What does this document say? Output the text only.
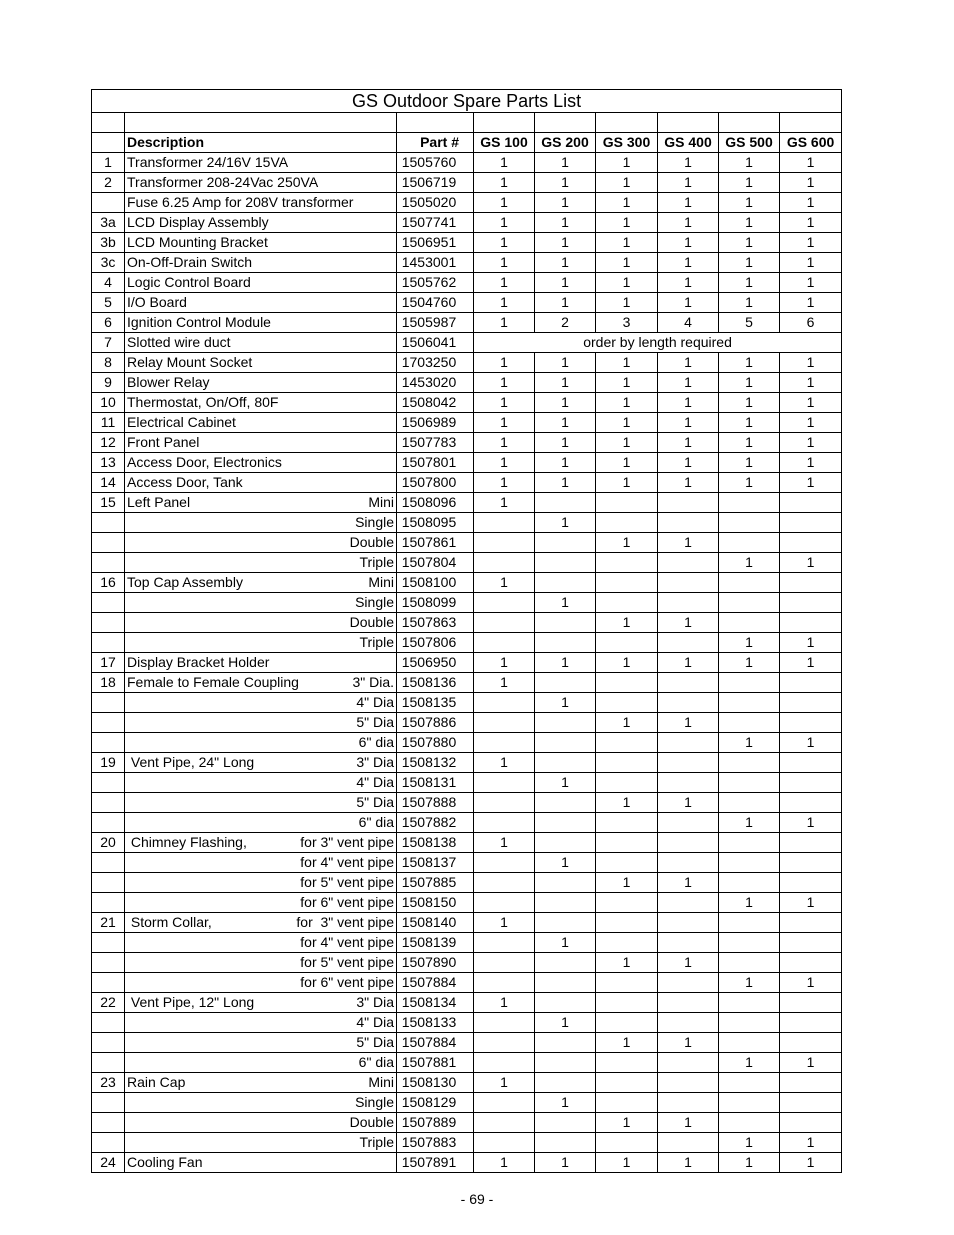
GS Outdoor Spare Parts List								

	Description	Part #	GS 100	GS 200	GS 300	GS 400	GS 500	GS 600
1	Transformer 24/16V 15VA	1505760	1	1	1	1	1	1
2	Transformer 208-24Vac 250VA	1506719	1	1	1	1	1	1

	Fuse 6.25 Amp for 208V transformer	1505020	1	1	1	1	1	1
3a	LCD Display Assembly	1507741	1	1	1	1	1	1
3b	LCD Mounting Bracket	1506951	1	1	1	1	1	1
3c	On-Off-Drain Switch	1453001	1	1	1	1	1	1
4	Logic Control Board	1505762	1	1	1	1	1	1
5	I/O Board	1504760	1	1	1	1	1	1
6	Ignition Control Module	1505987	1	2	3	4	5	6
7	Slotted wire duct	1506041	order by length required					
8	Relay Mount Socket	1703250	1	1	1	1	1	1
9	Blower Relay	1453020	1	1	1	1	1	1
10	Thermostat, On/Off, 80F	1508042	1	1	1	1	1	1
11	Electrical Cabinet	1506989	1	1	1	1	1	1
12	Front Panel	1507783	1	1	1	1	1	1
13	Access Door, Electronics	1507801	1	1	1	1	1	1
14	Access Door, Tank	1507800	1	1	1	1	1	1
15	Left Panel Mini	1508096	1					

	Single	1508095		1				

	Double	1507861			1	1		

	Triple	1507804					1	1
16	Top Cap Assembly Mini	1508100	1					

	Single	1508099		1				

	Double	1507863			1	1		

	Triple	1507806					1	1
17	Display Bracket Holder	1506950	1	1	1	1	1	1
18	Female to Female Coupling 3" Dia.	1508136	1					

	4" Dia	1508135		1				

	5" Dia	1507886			1	1		

	6" dia	1507880					1	1
19	Vent Pipe, 24" Long 3" Dia	1508132	1					

	4" Dia	1508131		1				

	5" Dia	1507888			1	1		

	6" dia	1507882					1	1
20	Chimney Flashing, for 3" vent pipe	1508138	1					

	for 4" vent pipe	1508137		1				

	for 5" vent pipe	1507885			1	1		

	for 6" vent pipe	1508150					1	1
21	Storm Collar, for  3" vent pipe	1508140	1					

	for 4" vent pipe	1508139		1				

	for 5" vent pipe	1507890			1	1		

	for 6" vent pipe	1507884					1	1
22	Vent Pipe, 12" Long 3" Dia	1508134	1					

	4" Dia	1508133		1				

	5" Dia	1507884			1	1		

	6" dia	1507881					1	1
23	Rain Cap Mini	1508130	1					

	Single	1508129		1				

	Double	1507889			1	1		

	Triple	1507883					1	1
24	Cooling Fan	1507891	1	1	1	1	1	1
- 69 -
